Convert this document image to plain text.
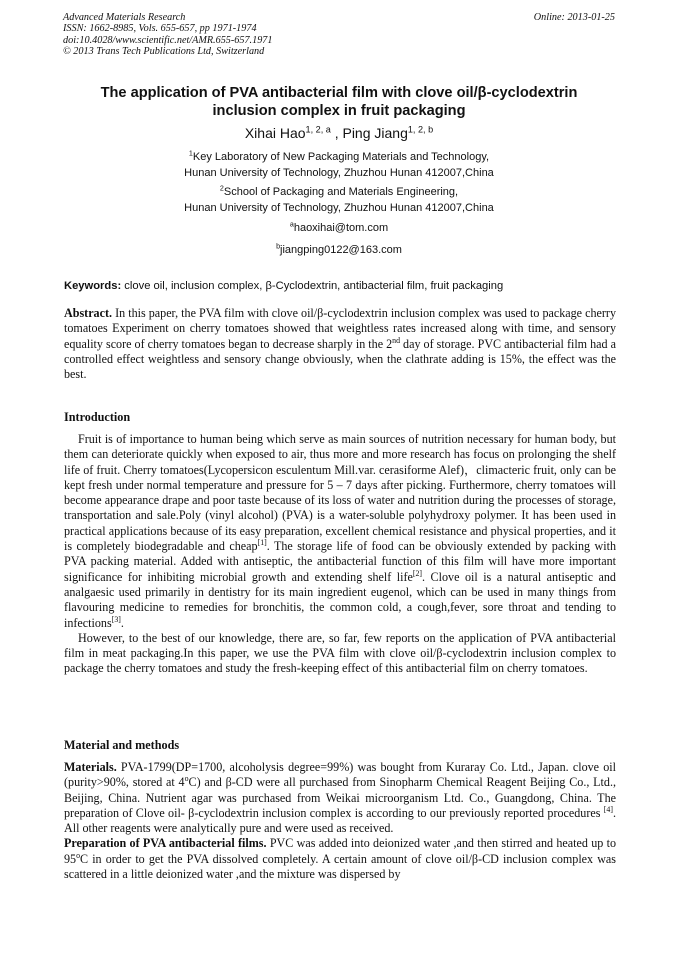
Advanced Materials Research
ISSN: 1662-8985, Vols. 655-657, pp 1971-1974
doi:10.4028/www.scientific.net/AMR.655-657.1971
© 2013 Trans Tech Publications Ltd, Switzerland
Online: 2013-01-25
The application of PVA antibacterial film with clove oil/β-cyclodextrin
inclusion complex in fruit packaging
Xihai Hao$^{1, 2, a}$ , Ping Jiang$^{1, 2, b}$
$^1$Key Laboratory of New Packaging Materials and Technology,
Hunan University of Technology, Zhuzhou Hunan 412007,China
$^2$School of Packaging and Materials Engineering,
Hunan University of Technology, Zhuzhou Hunan 412007,China
$^a$haoxihai@tom.com
$^b$jiangping0122@163.com
Keywords: clove oil, inclusion complex, β-Cyclodextrin, antibacterial film, fruit packaging

Abstract. In this paper, the PVA film with clove oil/β-cyclodextrin inclusion complex was used to package cherry tomatoes Experiment on cherry tomatoes showed that weightless rates increased along with time, and sensory equality score of cherry tomatoes began to decrease sharply in the 2nd day of storage. PVC antibacterial film had a controlled effect weightless and sensory change obviously, when the clathrate adding is 15%, the effect was the best.

Introduction

Fruit is of importance to human being which serve as main sources of nutrition necessary for human body, but them can deteriorate quickly when exposed to air, thus more and more research has focus on prolonging the shelf life of fruit. Cherry tomatoes(Lycopersicon esculentum Mill.var. cerasiforme Alef)，climacteric fruit, only can be kept fresh under normal temperature and pressure for 5 – 7 days after picking. Furthermore, cherry tomatoes will become appearance drape and poor taste because of its loss of water and nutrition during the processes of storage, transportation and sale.Poly (vinyl alcohol) (PVA) is a water-soluble polyhydroxy polymer. It has been used in practical applications because of its easy preparation, excellent chemical resistance and physical properties, and it is completely biodegradable and cheap[1]. The storage life of food can be obviously extended by packing with PVA packing material. Added with antiseptic, the antibacterial function of this film will have more important significance for inhibiting microbial growth and extending shelf life[2]. Clove oil is a natural antiseptic and analgaesic used primarily in dentistry for its main ingredient eugenol, which can be used in many things from flavouring medicine to remedies for bronchitis, the common cold, a cough,fever, sore throat and tending to infections[3].

However, to the best of our knowledge, there are, so far, few reports on the application of PVA antibacterial film in meat packaging.In this paper, we use the PVA film with clove oil/β-cyclodextrin inclusion complex to package the cherry tomatoes and study the fresh-keeping effect of this antibacterial film on cherry tomatoes.

Material and methods

Materials. PVA-1799(DP=1700, alcoholysis degree=99%) was bought from Kuraray Co. Ltd., Japan. clove oil (purity>90%, stored at 4$^o$C) and β-CD were all purchased from Sinopharm Chemical Reagent Beijing Co., Ltd., Beijing, China. Nutrient agar was purchased from Weikai microorganism Ltd. Co., Guangdong, China. The preparation of Clove oil- β-cyclodextrin inclusion complex is according to our previously reported procedures [4]. All other reagents were analytically pure and were used as received.

Preparation of PVA antibacterial films. PVC was added into deionized water ,and then stirred and heated up to 95$^o$C in order to get the PVA dissolved completely. A certain amount of clove oil/β-CD inclusion complex was scattered in a little deionized water ,and the mixture was dispersed by
